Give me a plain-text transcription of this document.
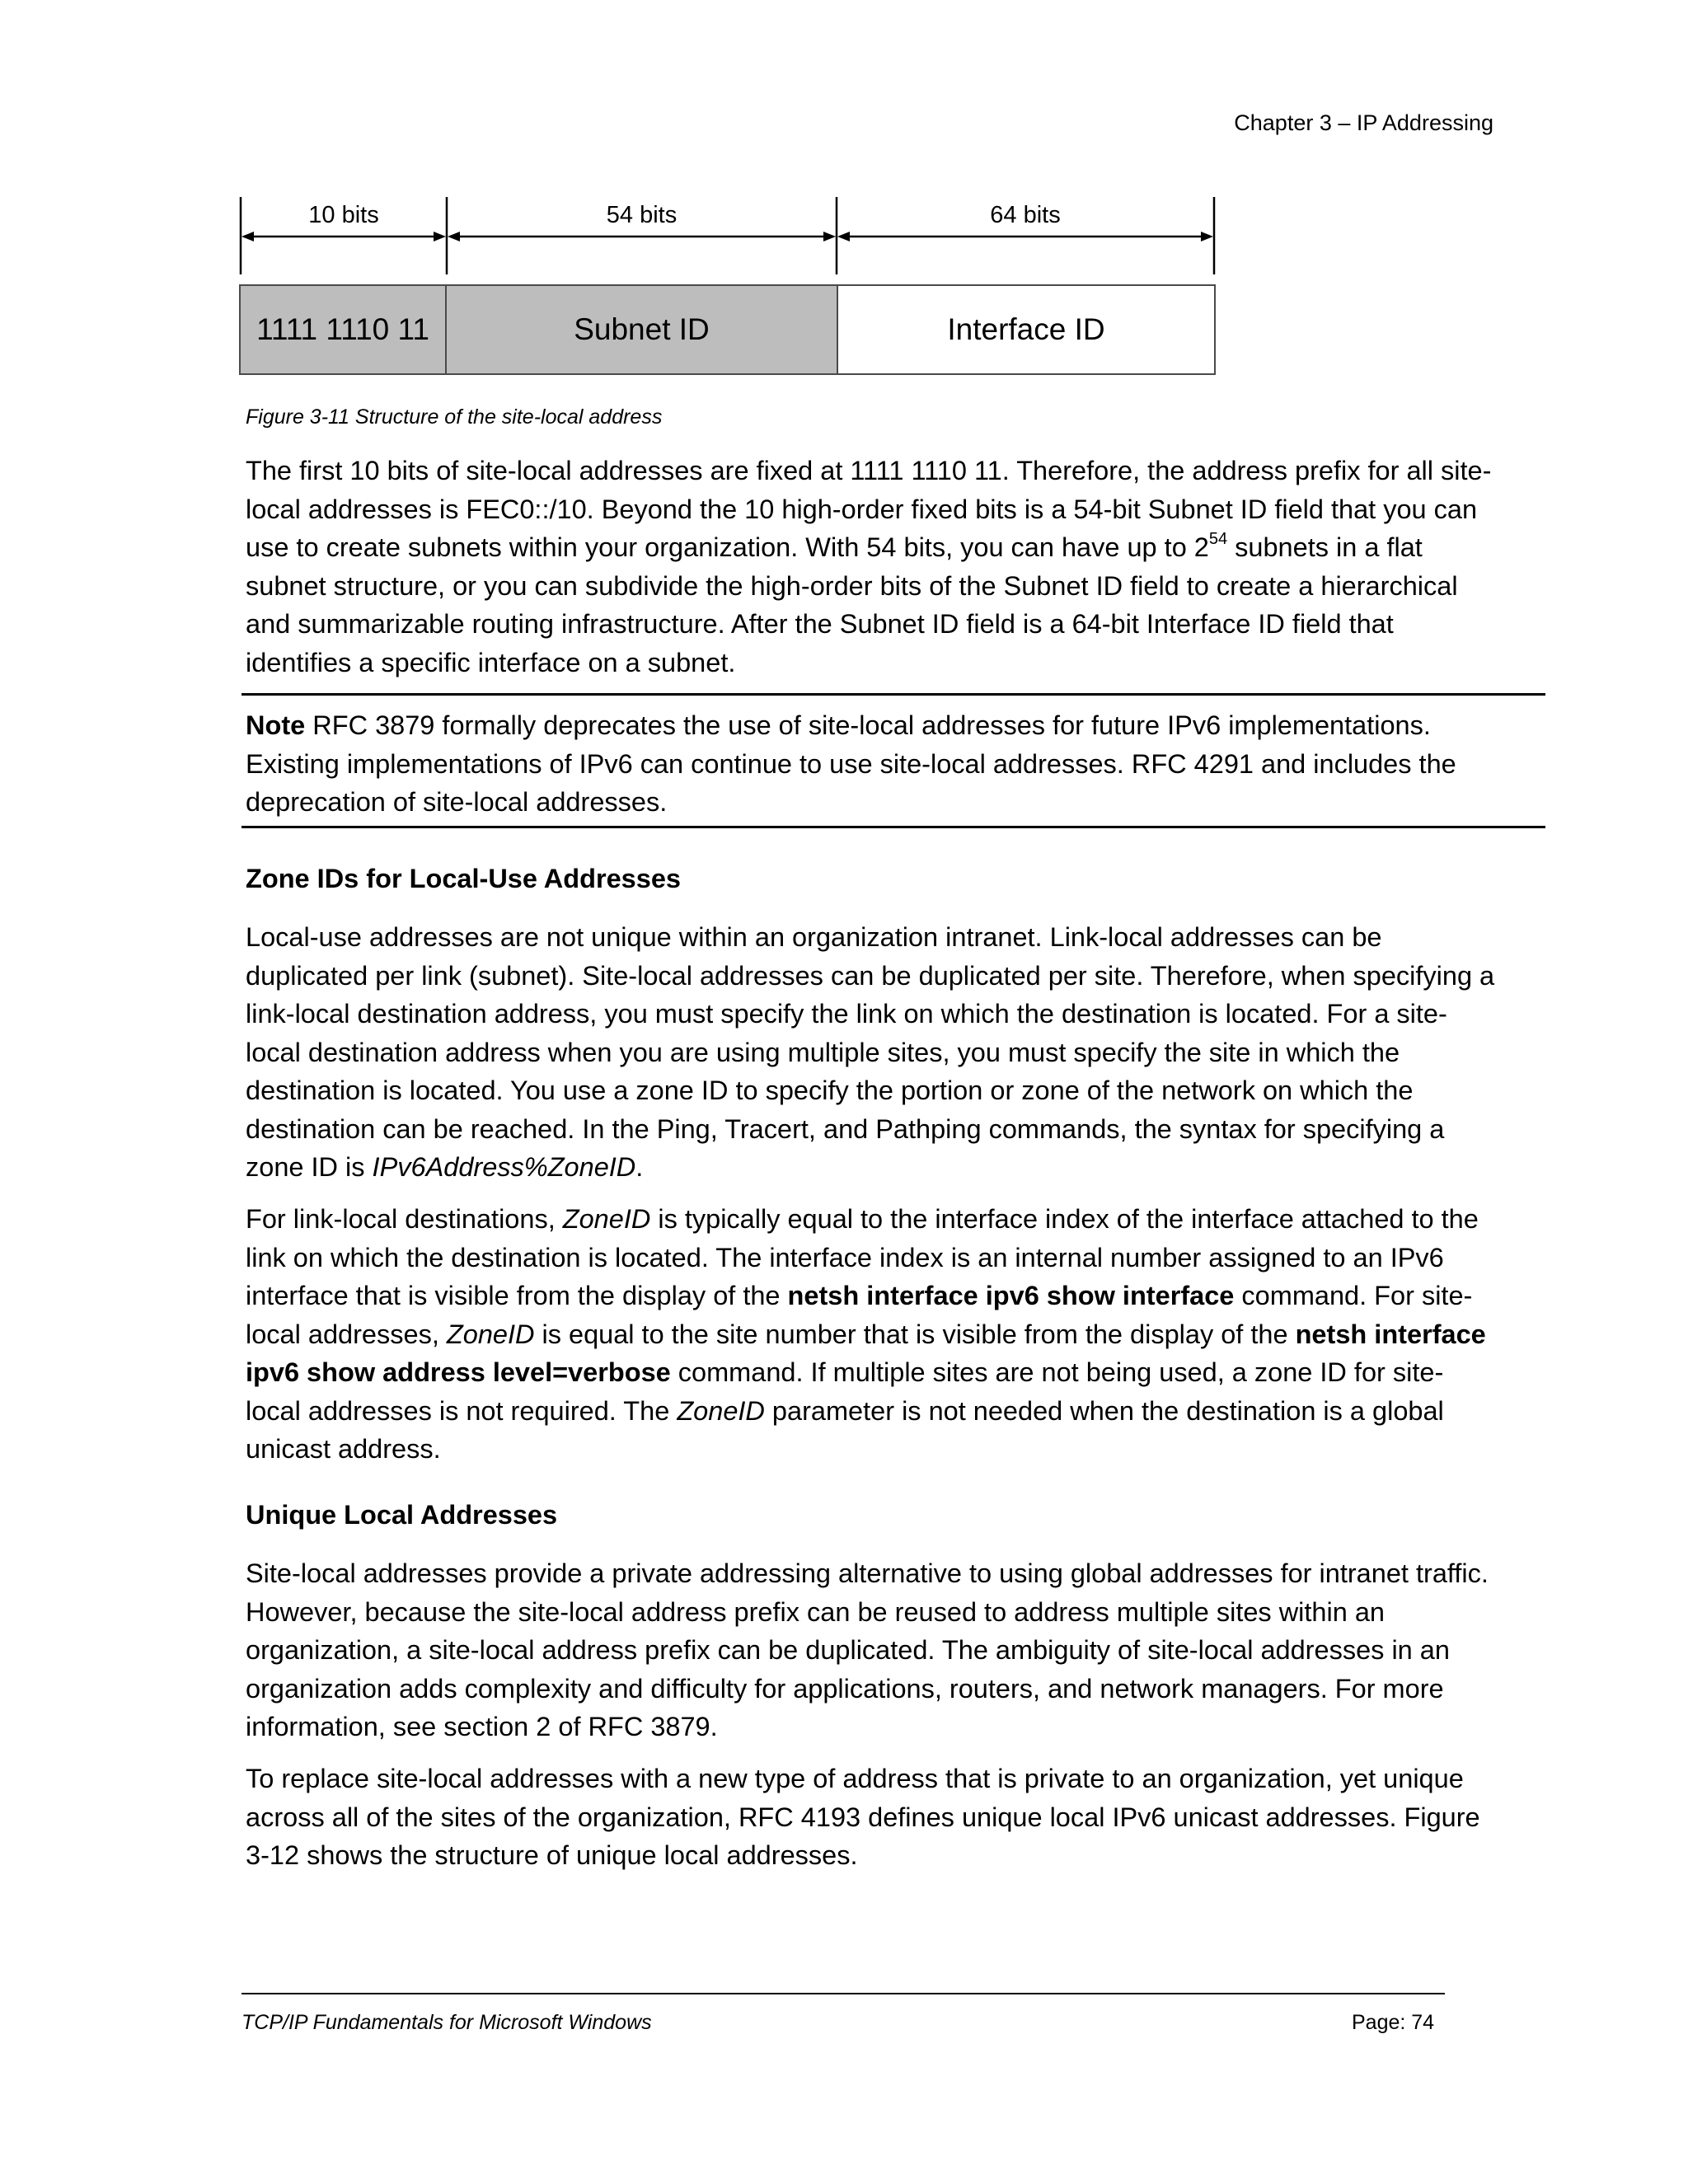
Chapter 3 – IP Addressing
10 bits	54 bits	64 bits
1111 1110 11	Subnet ID	Interface ID
Figure 3-11 Structure of the site-local address

The first 10 bits of site-local addresses are fixed at 1111 1110 11. Therefore, the address prefix for all site-local addresses is FEC0::/10. Beyond the 10 high-order fixed bits is a 54-bit Subnet ID field that you can use to create subnets within your organization. With 54 bits, you can have up to $2^{54}$ subnets in a flat subnet structure, or you can subdivide the high-order bits of the Subnet ID field to create a hierarchical and summarizable routing infrastructure. After the Subnet ID field is a 64-bit Interface ID field that identifies a specific interface on a subnet.

Note RFC 3879 formally deprecates the use of site-local addresses for future IPv6 implementations. Existing implementations of IPv6 can continue to use site-local addresses. RFC 4291 and includes the deprecation of site-local addresses.

Zone IDs for Local-Use Addresses

Local-use addresses are not unique within an organization intranet. Link-local addresses can be duplicated per link (subnet). Site-local addresses can be duplicated per site. Therefore, when specifying a link-local destination address, you must specify the link on which the destination is located. For a site-local destination address when you are using multiple sites, you must specify the site in which the destination is located. You use a zone ID to specify the portion or zone of the network on which the destination can be reached. In the Ping, Tracert, and Pathping commands, the syntax for specifying a zone ID is IPv6Address%ZoneID.

For link-local destinations, ZoneID is typically equal to the interface index of the interface attached to the link on which the destination is located. The interface index is an internal number assigned to an IPv6 interface that is visible from the display of the netsh interface ipv6 show interface command. For site-local addresses, ZoneID is equal to the site number that is visible from the display of the netsh interface ipv6 show address level=verbose command. If multiple sites are not being used, a zone ID for site-local addresses is not required. The ZoneID parameter is not needed when the destination is a global unicast address.

Unique Local Addresses
Site-local addresses provide a private addressing alternative to using global addresses for intranet traffic. However, because the site-local address prefix can be reused to address multiple sites within an organization, a site-local address prefix can be duplicated. The ambiguity of site-local addresses in an organization adds complexity and difficulty for applications, routers, and network managers. For more information, see section 2 of RFC 3879.
To replace site-local addresses with a new type of address that is private to an organization, yet unique across all of the sites of the organization, RFC 4193 defines unique local IPv6 unicast addresses. Figure 3-12 shows the structure of unique local addresses.
TCP/IP Fundamentals for Microsoft Windows	Page: 74
